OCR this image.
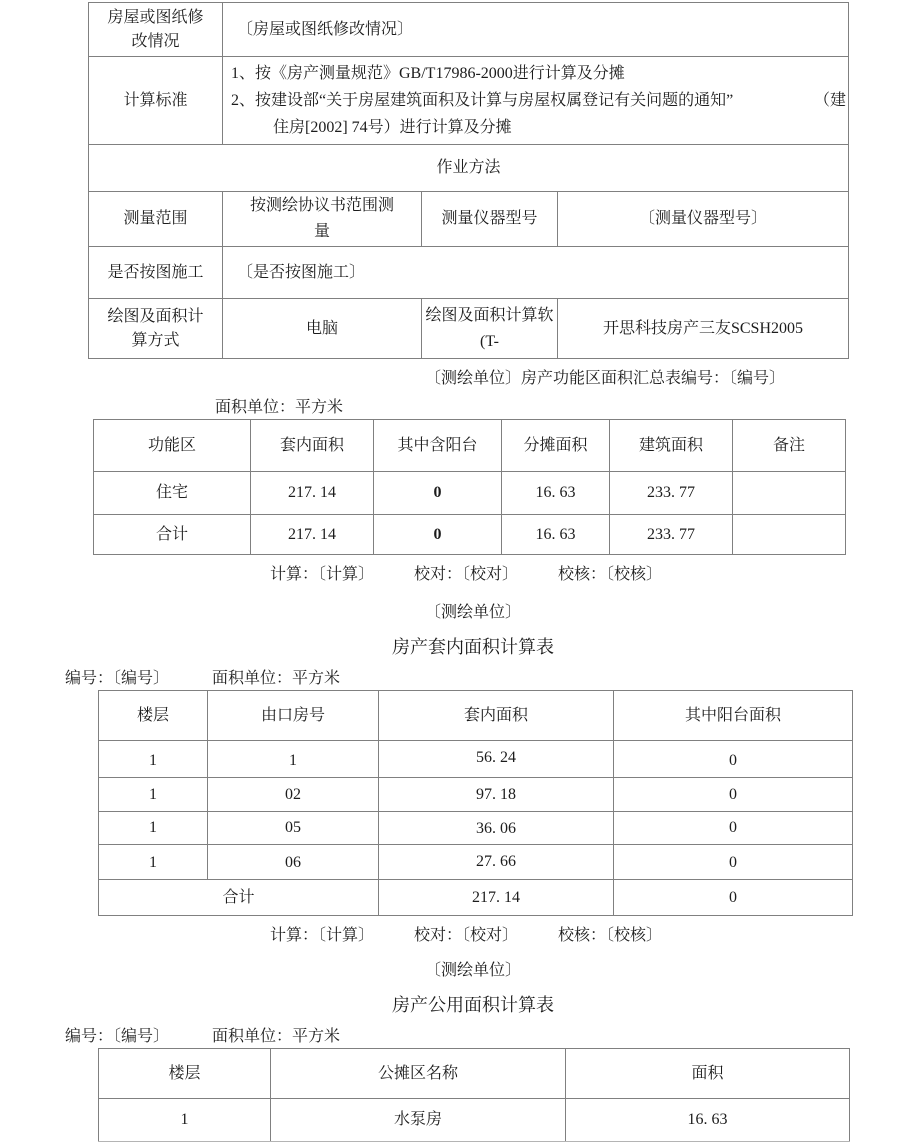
房屋或图纸修改情况	〔房屋或图纸修改情况〕		
计算标准	1、按《房产测量规范》GB/T17986-2000进行计算及分摊
2、按建设部“关于房屋建筑面积及计算与房屋权属登记有关问题的通知” （建
住房[2002] 74号）进行计算及分摊		

作业方法			
测量范围	按测绘协议书范围测量	测量仪器型号	〔测量仪器型号〕
是否按图施工	〔是否按图施工〕		
绘图及面积计算方式	电脑	绘图及面积计算软(T-	开思科技房产三友SCSH2005
〔测绘单位〕房产功能区面积汇总表编号：〔编号〕
面积单位：平方米
功能区	套内面积	其中含阳台	分摊面积	建筑面积	备注
住宅	217. 14	0	16. 63	233. 77	
合计	217. 14	0	16. 63	233. 77	
计算：〔计算〕	校对：〔校对〕	校核：〔校核〕
〔测绘单位〕
房产套内面积计算表
编号：〔编号〕	面积单位：平方米
楼层	由口房号	套内面积	其中阳台面积
1	1	56. 24	0
1	02	97. 18	0
1	05	36. 06	0
1	06	27. 66	0
合计		217. 14	0
计算：〔计算〕	校对：〔校对〕	校核：〔校核〕
〔测绘单位〕
房产公用面积计算表
编号：〔编号〕	面积单位：平方米
楼层	公摊区名称	面积
1	水泵房	16. 63
